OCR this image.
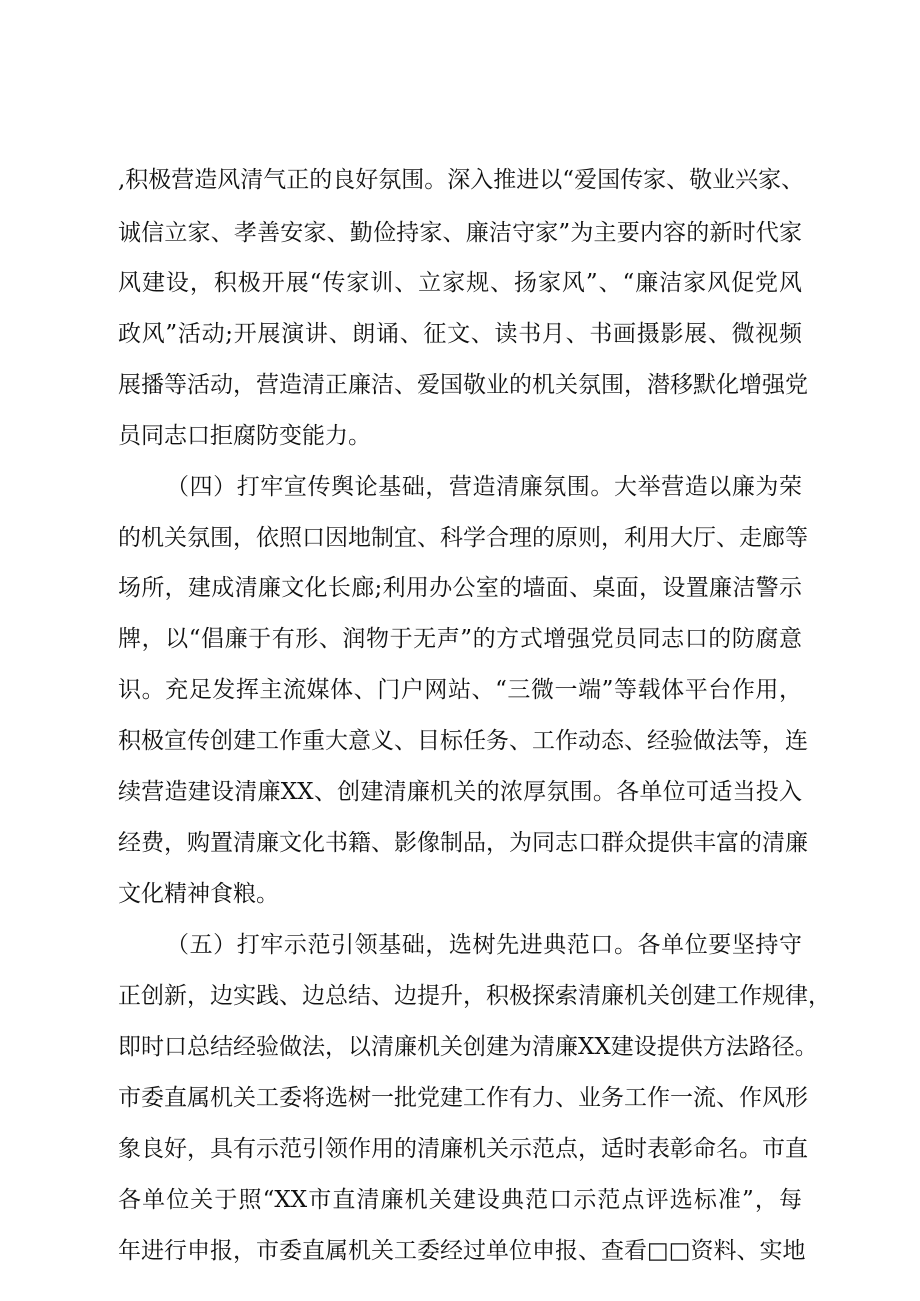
,积极营造风清气正的良好氛围。深入推进以“爱国传家、敬业兴家、
诚信立家、孝善安家、勤俭持家、廉洁守家”为主要内容的新时代家
风建设，积极开展“传家训、立家规、扬家风”、“廉洁家风促党风
政风”活动;开展演讲、朗诵、征文、读书月、书画摄影展、微视频
展播等活动，营造清正廉洁、爱国敬业的机关氛围，潜移默化增强党
员同志口拒腐防变能力。
（四）打牢宣传舆论基础，营造清廉氛围。大举营造以廉为荣
的机关氛围，依照口因地制宜、科学合理的原则，利用大厅、走廊等
场所，建成清廉文化长廊;利用办公室的墙面、桌面，设置廉洁警示
牌，以“倡廉于有形、润物于无声”的方式增强党员同志口的防腐意
识。充足发挥主流媒体、门户网站、“三微一端”等载体平台作用，
积极宣传创建工作重大意义、目标任务、工作动态、经验做法等，连
续营造建设清廉XX、创建清廉机关的浓厚氛围。各单位可适当投入
经费，购置清廉文化书籍、影像制品，为同志口群众提供丰富的清廉
文化精神食粮。
（五）打牢示范引领基础，选树先进典范口。各单位要坚持守
正创新，边实践、边总结、边提升，积极探索清廉机关创建工作规律，
即时口总结经验做法，以清廉机关创建为清廉XX建设提供方法路径。
市委直属机关工委将选树一批党建工作有力、业务工作一流、作风形
象良好，具有示范引领作用的清廉机关示范点，适时表彰命名。市直
各单位关于照“XX市直清廉机关建设典范口示范点评选标准”，每
年进行申报，市委直属机关工委经过单位申报、查看□□资料、实地
